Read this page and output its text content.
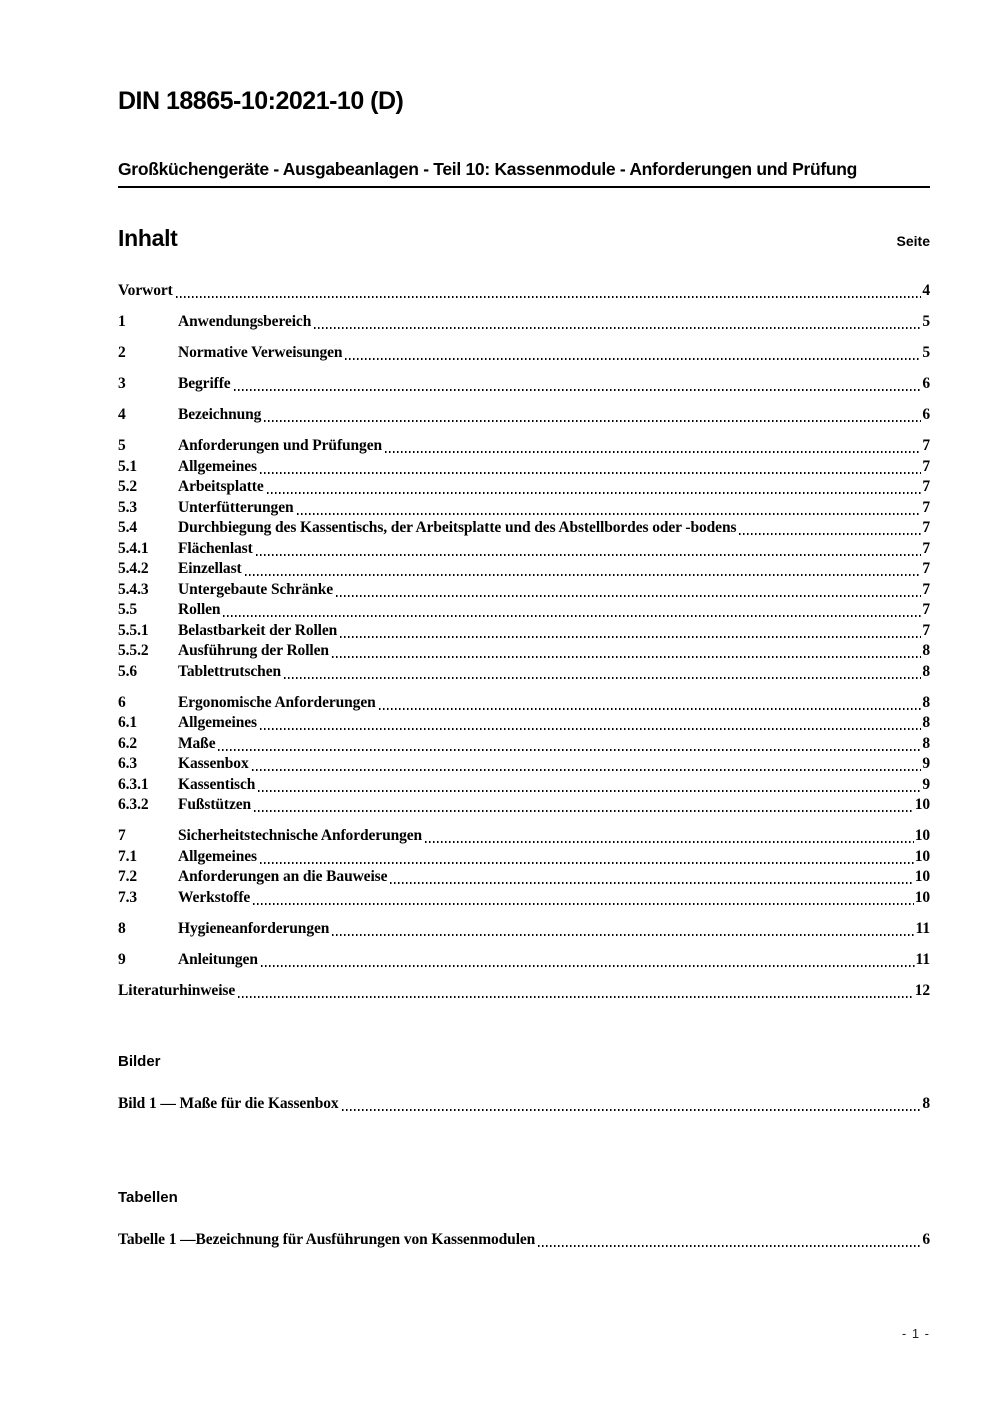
DIN 18865-10:2021-10 (D)
Großküchengeräte - Ausgabeanlagen - Teil 10: Kassenmodule - Anforderungen und Prüfung
Inhalt	Seite
Vorwort	4
1	Anwendungsbereich	5
2	Normative Verweisungen	5
3	Begriffe	6
4	Bezeichnung	6
5	Anforderungen und Prüfungen	7
5.1	Allgemeines	7
5.2	Arbeitsplatte	7
5.3	Unterfütterungen	7
5.4	Durchbiegung des Kassentischs, der Arbeitsplatte und des Abstellbordes oder -bodens	7
5.4.1	Flächenlast	7
5.4.2	Einzellast	7
5.4.3	Untergebaute Schränke	7
5.5	Rollen	7
5.5.1	Belastbarkeit der Rollen	7
5.5.2	Ausführung der Rollen	8
5.6	Tablettrutschen	8
6	Ergonomische Anforderungen	8
6.1	Allgemeines	8
6.2	Maße	8
6.3	Kassenbox	9
6.3.1	Kassentisch	9
6.3.2	Fußstützen	10
7	Sicherheitstechnische Anforderungen	10
7.1	Allgemeines	10
7.2	Anforderungen an die Bauweise	10
7.3	Werkstoffe	10
8	Hygieneanforderungen	11
9	Anleitungen	11
Literaturhinweise	12
Bilder
Bild 1 — Maße für die Kassenbox	8
Tabellen
Tabelle 1 —Bezeichnung für Ausführungen von Kassenmodulen	6
- 1 -
